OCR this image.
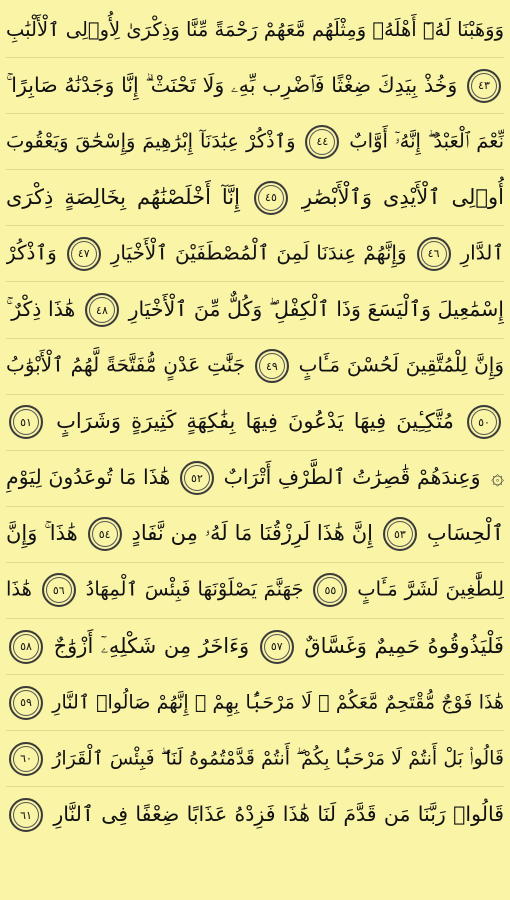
وَوَهَبْنَا لَهُۥٓ أَهْلَهُۥ وَمِثْلَهُم مَّعَهُمْ رَحْمَةً مِّنَّا وَذِكْرَىٰ لِأُو۟لِى ٱلْأَلْبَٰبِ
٤٣ وَخُذْ بِيَدِكَ ضِغْثًا فَٱضْرِب بِّهِۦ وَلَا تَحْنَثْ ۗ إِنَّا وَجَدْنَٰهُ صَابِرًا ۚ
نِّعْمَ ٱلْعَبْدُ ۖ إِنَّهُۥٓ أَوَّابٌ ٤٤ وَٱذْكُرْ عِبَٰدَنَآ إِبْرَٰهِيمَ وَإِسْحَٰقَ وَيَعْقُوبَ
أُو۟لِى ٱلْأَيْدِى وَٱلْأَبْصَٰرِ ٤٥ إِنَّآ أَخْلَصْنَٰهُم بِخَالِصَةٍ ذِكْرَى
ٱلدَّارِ ٤٦ وَإِنَّهُمْ عِندَنَا لَمِنَ ٱلْمُصْطَفَيْنَ ٱلْأَخْيَارِ ٤٧ وَٱذْكُرْ
إِسْمَٰعِيلَ وَٱلْيَسَعَ وَذَا ٱلْكِفْلِ ۖ وَكُلٌّ مِّنَ ٱلْأَخْيَارِ ٤٨ هَٰذَا ذِكْرٌ ۚ
وَإِنَّ لِلْمُتَّقِينَ لَحُسْنَ مَـَٔابٍ ٤٩ جَنَّٰتِ عَدْنٍ مُّفَتَّحَةً لَّهُمُ ٱلْأَبْوَٰبُ
٥٠ مُتَّكِـِٔينَ فِيهَا يَدْعُونَ فِيهَا بِفَٰكِهَةٍ كَثِيرَةٍ وَشَرَابٍ ٥١
۞ وَعِندَهُمْ قَٰصِرَٰتُ ٱلطَّرْفِ أَتْرَابٌ ٥٢ هَٰذَا مَا تُوعَدُونَ لِيَوْمِ
ٱلْحِسَابِ ٥٣ إِنَّ هَٰذَا لَرِزْقُنَا مَا لَهُۥ مِن نَّفَادٍ ٥٤ هَٰذَا ۚ وَإِنَّ
لِلطَّٰغِينَ لَشَرَّ مَـَٔابٍ ٥٥ جَهَنَّمَ يَصْلَوْنَهَا فَبِئْسَ ٱلْمِهَادُ ٥٦ هَٰذَا
فَلْيَذُوقُوهُ حَمِيمٌ وَغَسَّاقٌ ٥٧ وَءَاخَرُ مِن شَكْلِهِۦٓ أَزْوَٰجٌ ٥٨
هَٰذَا فَوْجٌ مُّقْتَحِمٌ مَّعَكُمْ ۖ لَا مَرْحَبًۢا بِهِمْ ۚ إِنَّهُمْ صَالُوا۟ ٱلنَّارِ ٥٩
قَالُوا۟ بَلْ أَنتُمْ لَا مَرْحَبًۢا بِكُمْ ۖ أَنتُمْ قَدَّمْتُمُوهُ لَنَا ۖ فَبِئْسَ ٱلْقَرَارُ ٦٠
قَالُوا۟ رَبَّنَا مَن قَدَّمَ لَنَا هَٰذَا فَزِدْهُ عَذَابًا ضِعْفًا فِى ٱلنَّارِ ٦١
